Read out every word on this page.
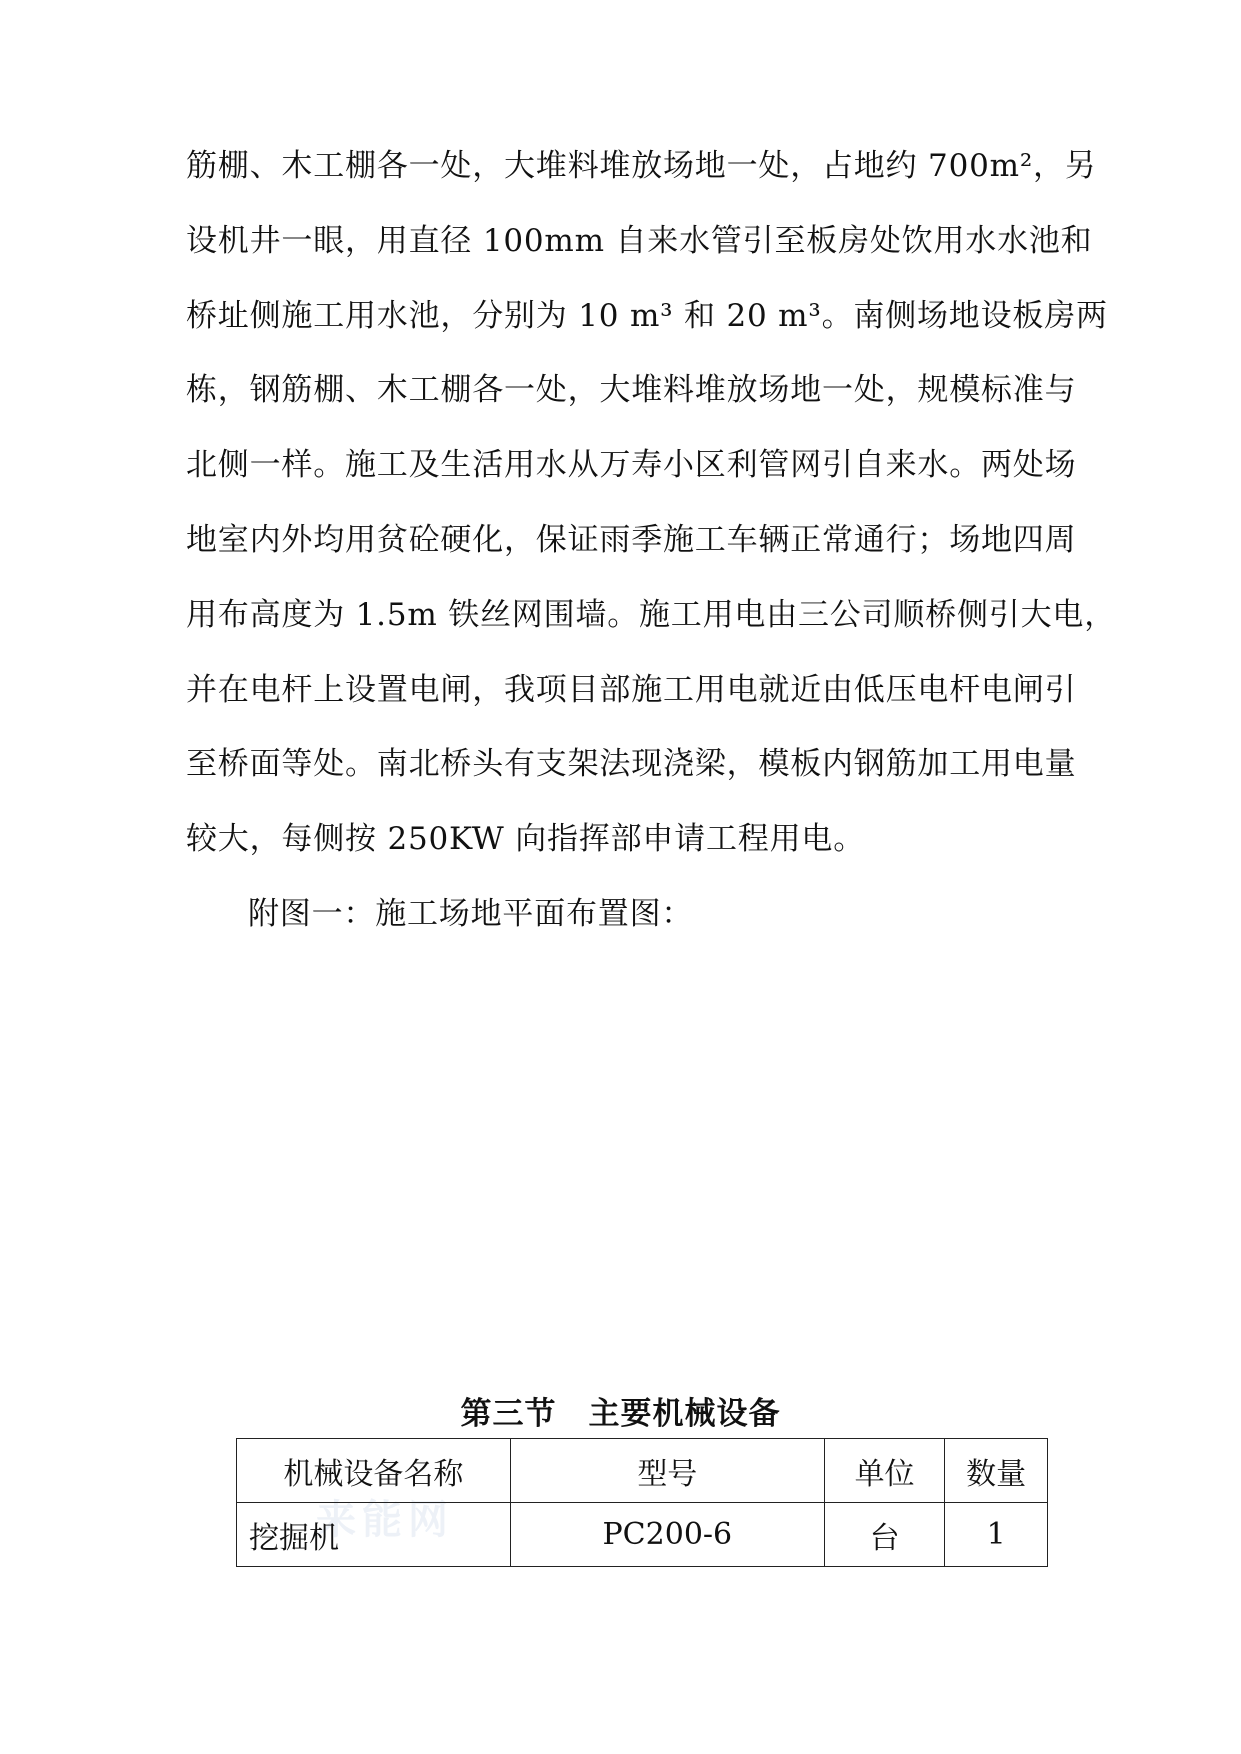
筋棚、木工棚各一处，大堆料堆放场地一处，占地约 700m²，另
设机井一眼，用直径 100mm 自来水管引至板房处饮用水水池和
桥址侧施工用水池，分别为 10 m³ 和 20 m³。南侧场地设板房两
栋，钢筋棚、木工棚各一处，大堆料堆放场地一处，规模标准与
北侧一样。施工及生活用水从万寿小区利管网引自来水。两处场
地室内外均用贫砼硬化，保证雨季施工车辆正常通行；场地四周
用布高度为 1.5m 铁丝网围墙。施工用电由三公司顺桥侧引大电，
并在电杆上设置电闸，我项目部施工用电就近由低压电杆电闸引
至桥面等处。南北桥头有支架法现浇梁，模板内钢筋加工用电量
较大，每侧按 250KW 向指挥部申请工程用电。
附图一：施工场地平面布置图：
第三节　主要机械设备
来能网
机械设备名称	型号	单位	数量
挖掘机	PC200-6	台	1
